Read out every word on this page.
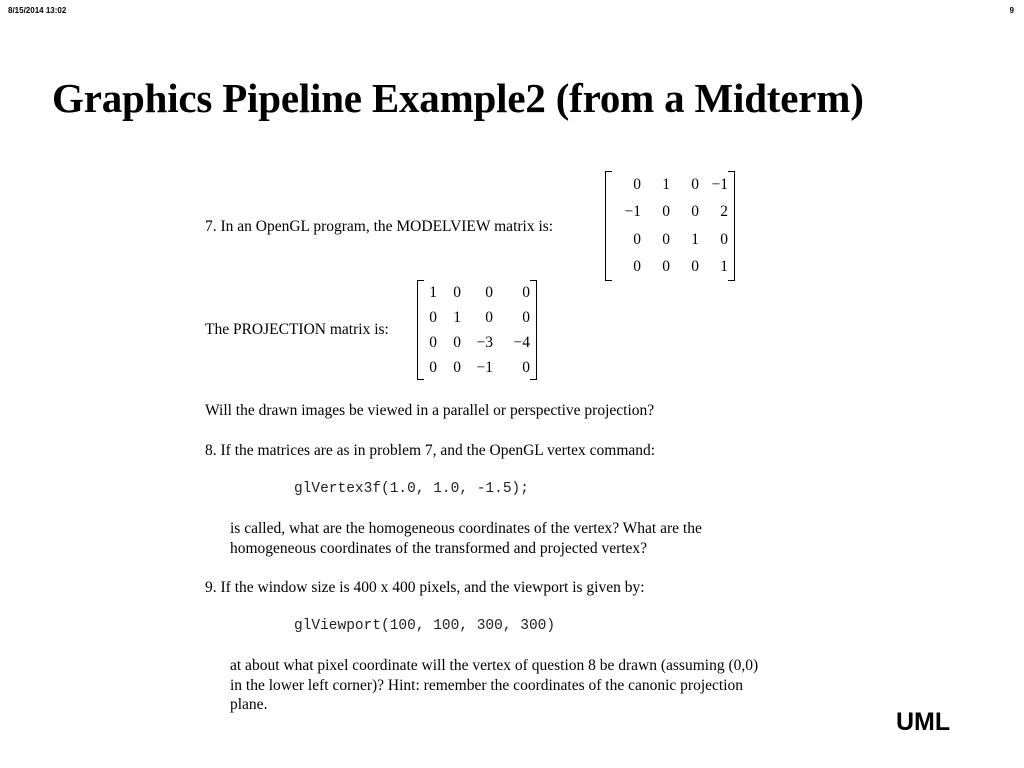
8/15/2014 13:02	9
Graphics Pipeline Example2 (from a Midterm)
7. In an OpenGL program, the MODELVIEW matrix is:
0	1	0	−1
−1	0	0	2
0	0	1	0
0	0	0	1
The PROJECTION matrix is:
1	0	0	0
0	1	0	0
0	0	−3	−4
0	0	−1	0
Will the drawn images be viewed in a parallel or perspective projection?
8. If the matrices are as in problem 7, and the OpenGL vertex command:
glVertex3f(1.0, 1.0, -1.5);
is called, what are the homogeneous coordinates of the vertex? What are the
homogeneous coordinates of the transformed and projected vertex?
9. If the window size is 400 x 400 pixels, and the viewport is given by:
glViewport(100, 100, 300, 300)
at about what pixel coordinate will the vertex of question 8 be drawn (assuming (0,0)
in the lower left corner)? Hint: remember the coordinates of the canonic projection
plane.
UML
